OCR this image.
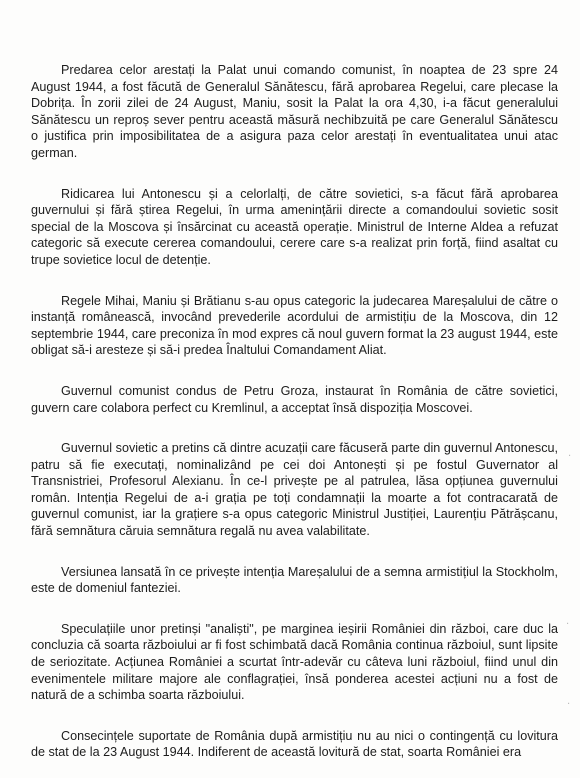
Predarea celor arestați la Palat unui comando comunist, în noaptea de 23 spre 24 August 1944, a fost făcută de Generalul Sănătescu, fără aprobarea Regelui, care plecase la Dobrița. În zorii zilei de 24 August, Maniu, sosit la Palat la ora 4,30, i-a făcut generalului Sănătescu un reproș sever pentru această măsură nechibzuită pe care Generalul Sănătescu o justifica prin imposibilitatea de a asigura paza celor arestați în eventualitatea unui atac german.

Ridicarea lui Antonescu și a celorlalți, de către sovietici, s-a făcut fără aprobarea guvernului și fără știrea Regelui, în urma amenințării directe a comandoului sovietic sosit special de la Moscova și însărcinat cu această operație. Ministrul de Interne Aldea a refuzat categoric să execute cererea comandoului, cerere care s-a realizat prin forță, fiind asaltat cu trupe sovietice locul de detenție.

Regele Mihai, Maniu și Brătianu s-au opus categoric la judecarea Mareșalului de către o instanță românească, invocând prevederile acordului de armistițiu de la Moscova, din 12 septembrie 1944, care preconiza în mod expres că noul guvern format la 23 august 1944, este obligat să-i aresteze și să-i predea Înaltului Comandament Aliat.

Guvernul comunist condus de Petru Groza, instaurat în România de către sovietici, guvern care colabora perfect cu Kremlinul, a acceptat însă dispoziția Moscovei.

Guvernul sovietic a pretins că dintre acuzații care făcuseră parte din guvernul Antonescu, patru să fie executați, nominalizând pe cei doi Antonești și pe fostul Guvernator al Transnistriei, Profesorul Alexianu. În ce-l privește pe al patrulea, lăsa opțiunea guvernului român. Intenția Regelui de a-i grația pe toți condamnații la moarte a fot contracarată de guvernul comunist, iar la grațiere s-a opus categoric Ministrul Justiției, Laurențiu Pătrășcanu, fără semnătura căruia semnătura regală nu avea valabilitate.

Versiunea lansată în ce privește intenția Mareșalului de a semna armistițiul la Stockholm, este de domeniul fanteziei.

Speculațiile unor pretinși "analiști", pe marginea ieșirii României din război, care duc la concluzia că soarta războiului ar fi fost schimbată dacă România continua războiul, sunt lipsite de seriozitate. Acțiunea României a scurtat într-adevăr cu câteva luni războiul, fiind unul din evenimentele militare majore ale conflagrației, însă ponderea acestei acțiuni nu a fost de natură de a schimba soarta războiului.

Consecințele suportate de România după armistițiu nu au nici o contingență cu lovitura de stat de la 23 August 1944. Indiferent de această lovitură de stat, soarta României era

·
·
·
